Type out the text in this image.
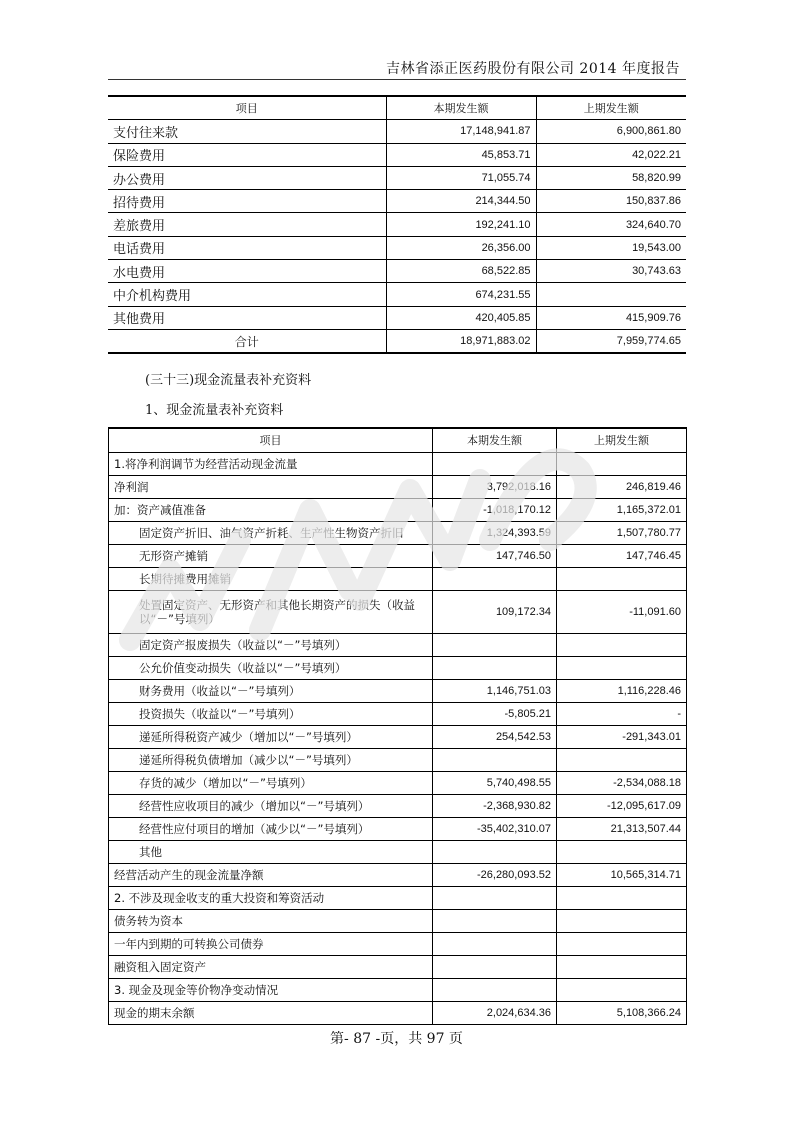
吉林省添正医药股份有限公司 2014 年度报告
项目	本期发生额	上期发生额
支付往来款	17,148,941.87	6,900,861.80
保险费用	45,853.71	42,022.21
办公费用	71,055.74	58,820.99
招待费用	214,344.50	150,837.86
差旅费用	192,241.10	324,640.70
电话费用	26,356.00	19,543.00
水电费用	68,522.85	30,743.63
中介机构费用	674,231.55	
其他费用	420,405.85	415,909.76
合计	18,971,883.02	7,959,774.65
(三十三)现金流量表补充资料
1、现金流量表补充资料
项目	本期发生额	上期发生额
1.将净利润调节为经营活动现金流量		
净利润	3,792,018.16	246,819.46
加：资产减值准备	-1,018,170.12	1,165,372.01
固定资产折旧、油气资产折耗、生产性生物资产折旧	1,324,393.59	1,507,780.77
无形资产摊销	147,746.50	147,746.45
长期待摊费用摊销		
处置固定资产、无形资产和其他长期资产的损失（收益以“－”号填列）	109,172.34	-11,091.60
固定资产报废损失（收益以“－”号填列）		
公允价值变动损失（收益以“－”号填列）		
财务费用（收益以“－”号填列）	1,146,751.03	1,116,228.46
投资损失（收益以“－”号填列）	-5,805.21	-
递延所得税资产减少（增加以“－”号填列）	254,542.53	-291,343.01
递延所得税负债增加（减少以“－”号填列）		
存货的减少（增加以“－”号填列）	5,740,498.55	-2,534,088.18
经营性应收项目的减少（增加以“－”号填列）	-2,368,930.82	-12,095,617.09
经营性应付项目的增加（减少以“－”号填列）	-35,402,310.07	21,313,507.44
其他		
经营活动产生的现金流量净额	-26,280,093.52	10,565,314.71
2. 不涉及现金收支的重大投资和筹资活动		
债务转为资本		
一年内到期的可转换公司债券		
融资租入固定资产		
3. 现金及现金等价物净变动情况		
现金的期末余额	2,024,634.36	5,108,366.24
第- 87 -页，共 97 页
